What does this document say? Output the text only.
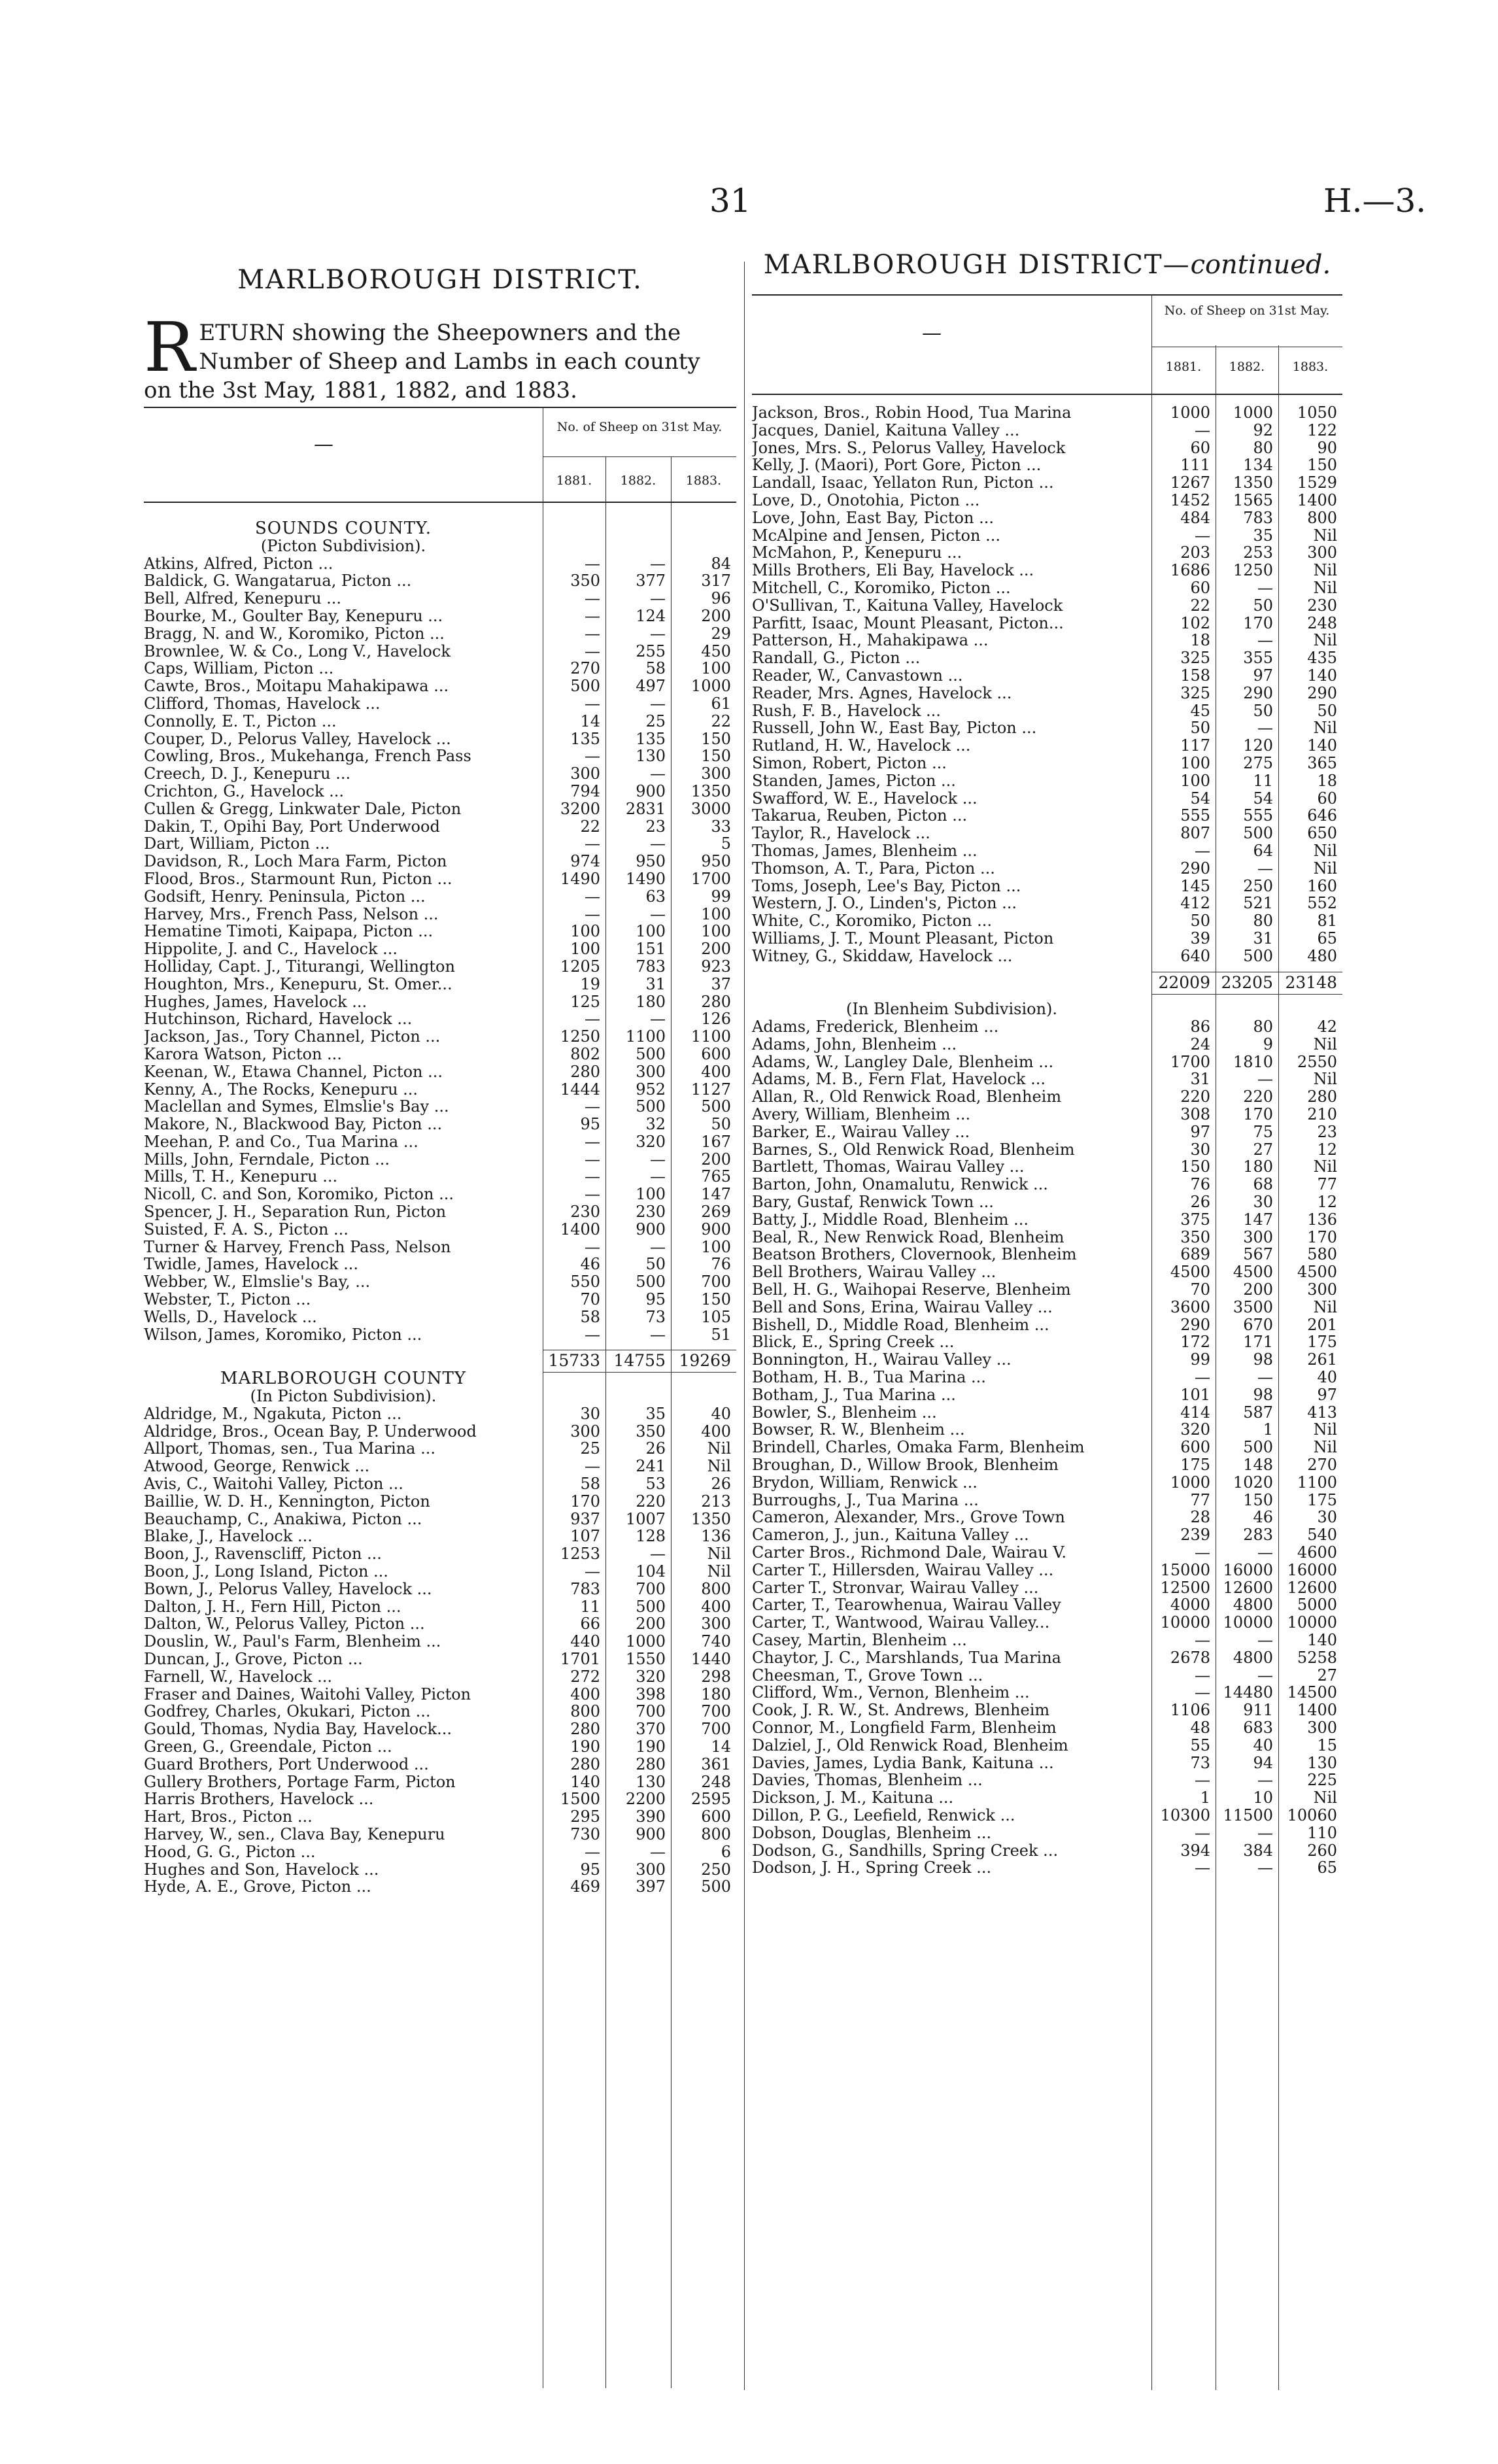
31	H.—3.
MARLBOROUGH DISTRICT.
RETURN showing the Sheepowners and the Number of Sheep and Lambs in each county on the 3st May, 1881, 1882, and 1883.
—
No. of Sheep on 31st May.
1881.	1882.	1883.
SOUNDS COUNTY.
(Picton Subdivision).
Atkins, Alfred, Picton ...	—	—	84
Baldick, G. Wangatarua, Picton ...	350	377	317
Bell, Alfred, Kenepuru ...	—	—	96
Bourke, M., Goulter Bay, Kenepuru ...	—	124	200
Bragg, N. and W., Koromiko, Picton ...	—	—	29
Brownlee, W. & Co., Long V., Havelock	—	255	450
Caps, William, Picton ...	270	58	100
Cawte, Bros., Moitapu Mahakipawa ...	500	497	1000
Clifford, Thomas, Havelock ...	—	—	61
Connolly, E. T., Picton ...	14	25	22
Couper, D., Pelorus Valley, Havelock ...	135	135	150
Cowling, Bros., Mukehanga, French Pass	—	130	150
Creech, D. J., Kenepuru ...	300	—	300
Crichton, G., Havelock ...	794	900	1350
Cullen & Gregg, Linkwater Dale, Picton	3200	2831	3000
Dakin, T., Opihi Bay, Port Underwood	22	23	33
Dart, William, Picton ...	—	—	5
Davidson, R., Loch Mara Farm, Picton	974	950	950
Flood, Bros., Starmount Run, Picton ...	1490	1490	1700
Godsift, Henry. Peninsula, Picton ...	—	63	99
Harvey, Mrs., French Pass, Nelson ...	—	—	100
Hematine Timoti, Kaipapa, Picton ...	100	100	100
Hippolite, J. and C., Havelock ...	100	151	200
Holliday, Capt. J., Titurangi, Wellington	1205	783	923
Houghton, Mrs., Kenepuru, St. Omer...	19	31	37
Hughes, James, Havelock ...	125	180	280
Hutchinson, Richard, Havelock ...	—	—	126
Jackson, Jas., Tory Channel, Picton ...	1250	1100	1100
Karora Watson, Picton ...	802	500	600
Keenan, W., Etawa Channel, Picton ...	280	300	400
Kenny, A., The Rocks, Kenepuru ...	1444	952	1127
Maclellan and Symes, Elmslie's Bay ...	—	500	500
Makore, N., Blackwood Bay, Picton ...	95	32	50
Meehan, P. and Co., Tua Marina ...	—	320	167
Mills, John, Ferndale, Picton ...	—	—	200
Mills, T. H., Kenepuru ...	—	—	765
Nicoll, C. and Son, Koromiko, Picton ...	—	100	147
Spencer, J. H., Separation Run, Picton	230	230	269
Suisted, F. A. S., Picton ...	1400	900	900
Turner & Harvey, French Pass, Nelson	—	—	100
Twidle, James, Havelock ...	46	50	76
Webber, W., Elmslie's Bay, ...	550	500	700
Webster, T., Picton ...	70	95	150
Wells, D., Havelock ...	58	73	105
Wilson, James, Koromiko, Picton ...	—	—	51
15733 14755 19269
MARLBOROUGH COUNTY
(In Picton Subdivision).
Aldridge, M., Ngakuta, Picton ...	30	35	40
Aldridge, Bros., Ocean Bay, P. Underwood	300	350	400
Allport, Thomas, sen., Tua Marina ...	25	26	Nil
Atwood, George, Renwick ...	—	241	Nil
Avis, C., Waitohi Valley, Picton ...	58	53	26
Baillie, W. D. H., Kennington, Picton	170	220	213
Beauchamp, C., Anakiwa, Picton ...	937	1007	1350
Blake, J., Havelock ...	107	128	136
Boon, J., Ravenscliff, Picton ...	1253	—	Nil
Boon, J., Long Island, Picton ...	—	104	Nil
Bown, J., Pelorus Valley, Havelock ...	783	700	800
Dalton, J. H., Fern Hill, Picton ...	11	500	400
Dalton, W., Pelorus Valley, Picton ...	66	200	300
Douslin, W., Paul's Farm, Blenheim ...	440	1000	740
Duncan, J., Grove, Picton ...	1701	1550	1440
Farnell, W., Havelock ...	272	320	298
Fraser and Daines, Waitohi Valley, Picton	400	398	180
Godfrey, Charles, Okukari, Picton ...	800	700	700
Gould, Thomas, Nydia Bay, Havelock...	280	370	700
Green, G., Greendale, Picton ...	190	190	14
Guard Brothers, Port Underwood ...	280	280	361
Gullery Brothers, Portage Farm, Picton	140	130	248
Harris Brothers, Havelock ...	1500	2200	2595
Hart, Bros., Picton ...	295	390	600
Harvey, W., sen., Clava Bay, Kenepuru	730	900	800
Hood, G. G., Picton ...	—	—	6
Hughes and Son, Havelock ...	95	300	250
Hyde, A. E., Grove, Picton ...	469	397	500
MARLBOROUGH DISTRICT—continued.
—
No. of Sheep on 31st May.
1881.	1882.	1883.
Jackson, Bros., Robin Hood, Tua Marina	1000	1000	1050
Jacques, Daniel, Kaituna Valley ...	—	92	122
Jones, Mrs. S., Pelorus Valley, Havelock	60	80	90
Kelly, J. (Maori), Port Gore, Picton ...	111	134	150
Landall, Isaac, Yellaton Run, Picton ...	1267	1350	1529
Love, D., Onotohia, Picton ...	1452	1565	1400
Love, John, East Bay, Picton ...	484	783	800
McAlpine and Jensen, Picton ...	—	35	Nil
McMahon, P., Kenepuru ...	203	253	300
Mills Brothers, Eli Bay, Havelock ...	1686	1250	Nil
Mitchell, C., Koromiko, Picton ...	60	—	Nil
O'Sullivan, T., Kaituna Valley, Havelock	22	50	230
Parfitt, Isaac, Mount Pleasant, Picton...	102	170	248
Patterson, H., Mahakipawa ...	18	—	Nil
Randall, G., Picton ...	325	355	435
Reader, W., Canvastown ...	158	97	140
Reader, Mrs. Agnes, Havelock ...	325	290	290
Rush, F. B., Havelock ...	45	50	50
Russell, John W., East Bay, Picton ...	50	—	Nil
Rutland, H. W., Havelock ...	117	120	140
Simon, Robert, Picton ...	100	275	365
Standen, James, Picton ...	100	11	18
Swafford, W. E., Havelock ...	54	54	60
Takarua, Reuben, Picton ...	555	555	646
Taylor, R., Havelock ...	807	500	650
Thomas, James, Blenheim ...	—	64	Nil
Thomson, A. T., Para, Picton ...	290	—	Nil
Toms, Joseph, Lee's Bay, Picton ...	145	250	160
Western, J. O., Linden's, Picton ...	412	521	552
White, C., Koromiko, Picton ...	50	80	81
Williams, J. T., Mount Pleasant, Picton	39	31	65
Witney, G., Skiddaw, Havelock ...	640	500	480
22009 23205 23148
(In Blenheim Subdivision).
Adams, Frederick, Blenheim ...	86	80	42
Adams, John, Blenheim ...	24	9	Nil
Adams, W., Langley Dale, Blenheim ...	1700	1810	2550
Adams, M. B., Fern Flat, Havelock ...	31	—	Nil
Allan, R., Old Renwick Road, Blenheim	220	220	280
Avery, William, Blenheim ...	308	170	210
Barker, E., Wairau Valley ...	97	75	23
Barnes, S., Old Renwick Road, Blenheim	30	27	12
Bartlett, Thomas, Wairau Valley ...	150	180	Nil
Barton, John, Onamalutu, Renwick ...	76	68	77
Bary, Gustaf, Renwick Town ...	26	30	12
Batty, J., Middle Road, Blenheim ...	375	147	136
Beal, R., New Renwick Road, Blenheim	350	300	170
Beatson Brothers, Clovernook, Blenheim	689	567	580
Bell Brothers, Wairau Valley ...	4500	4500	4500
Bell, H. G., Waihopai Reserve, Blenheim	70	200	300
Bell and Sons, Erina, Wairau Valley ...	3600	3500	Nil
Bishell, D., Middle Road, Blenheim ...	290	670	201
Blick, E., Spring Creek ...	172	171	175
Bonnington, H., Wairau Valley ...	99	98	261
Botham, H. B., Tua Marina ...	—	—	40
Botham, J., Tua Marina ...	101	98	97
Bowler, S., Blenheim ...	414	587	413
Bowser, R. W., Blenheim ...	320	1	Nil
Brindell, Charles, Omaka Farm, Blenheim	600	500	Nil
Broughan, D., Willow Brook, Blenheim	175	148	270
Brydon, William, Renwick ...	1000	1020	1100
Burroughs, J., Tua Marina ...	77	150	175
Cameron, Alexander, Mrs., Grove Town	28	46	30
Cameron, J., jun., Kaituna Valley ...	239	283	540
Carter Bros., Richmond Dale, Wairau V.	—	—	4600
Carter T., Hillersden, Wairau Valley ...	15000 16000 16000
Carter T., Stronvar, Wairau Valley ...	12500 12600 12600
Carter, T., Tearowhenua, Wairau Valley	4000	4800	5000
Carter, T., Wantwood, Wairau Valley...	10000 10000 10000
Casey, Martin, Blenheim ...	—	—	140
Chaytor, J. C., Marshlands, Tua Marina	2678	4800	5258
Cheesman, T., Grove Town ...	—	—	27
Clifford, Wm., Vernon, Blenheim ...	— 14480 14500
Cook, J. R. W., St. Andrews, Blenheim	1106	911	1400
Connor, M., Longfield Farm, Blenheim	48	683	300
Dalziel, J., Old Renwick Road, Blenheim	55	40	15
Davies, James, Lydia Bank, Kaituna ...	73	94	130
Davies, Thomas, Blenheim ...	—	—	225
Dickson, J. M., Kaituna ...	1	10	Nil
Dillon, P. G., Leefield, Renwick ...	10300 11500 10060
Dobson, Douglas, Blenheim ...	—	—	110
Dodson, G., Sandhills, Spring Creek ...	394	384	260
Dodson, J. H., Spring Creek ...	—	—	65
